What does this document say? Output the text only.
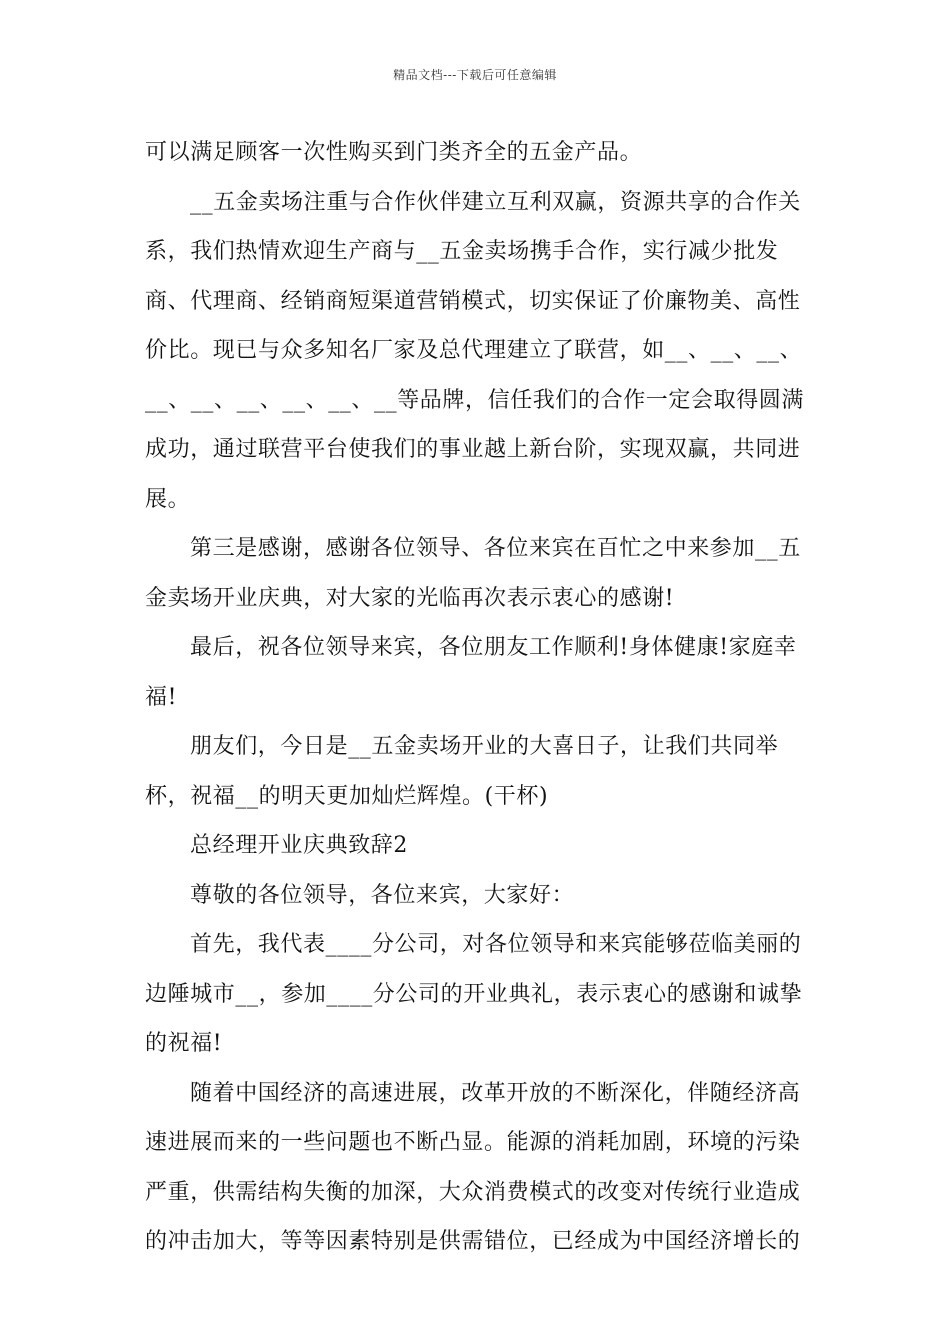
精品文档---下载后可任意编辑

可以满足顾客一次性购买到门类齐全的五金产品。

__五金卖场注重与合作伙伴建立互利双赢，资源共享的合作关系，我们热情欢迎生产商与__五金卖场携手合作，实行减少批发商、代理商、经销商短渠道营销模式，切实保证了价廉物美、高性价比。现已与众多知名厂家及总代理建立了联营，如__、__、__、__、__、__、__、__、__等品牌，信任我们的合作一定会取得圆满成功，通过联营平台使我们的事业越上新台阶，实现双赢，共同进展。

第三是感谢，感谢各位领导、各位来宾在百忙之中来参加__五金卖场开业庆典，对大家的光临再次表示衷心的感谢!

最后，祝各位领导来宾，各位朋友工作顺利!身体健康!家庭幸福!

朋友们，今日是__五金卖场开业的大喜日子，让我们共同举杯，祝福__的明天更加灿烂辉煌。(干杯)

总经理开业庆典致辞2

尊敬的各位领导，各位来宾，大家好：

首先，我代表____分公司，对各位领导和来宾能够莅临美丽的边陲城市__，参加____分公司的开业典礼，表示衷心的感谢和诚挚的祝福!

随着中国经济的高速进展，改革开放的不断深化，伴随经济高速进展而来的一些问题也不断凸显。能源的消耗加剧，环境的污染严重，供需结构失衡的加深，大众消费模式的改变对传统行业造成的冲击加大，等等因素特别是供需错位，已经成为中国经济增长的
